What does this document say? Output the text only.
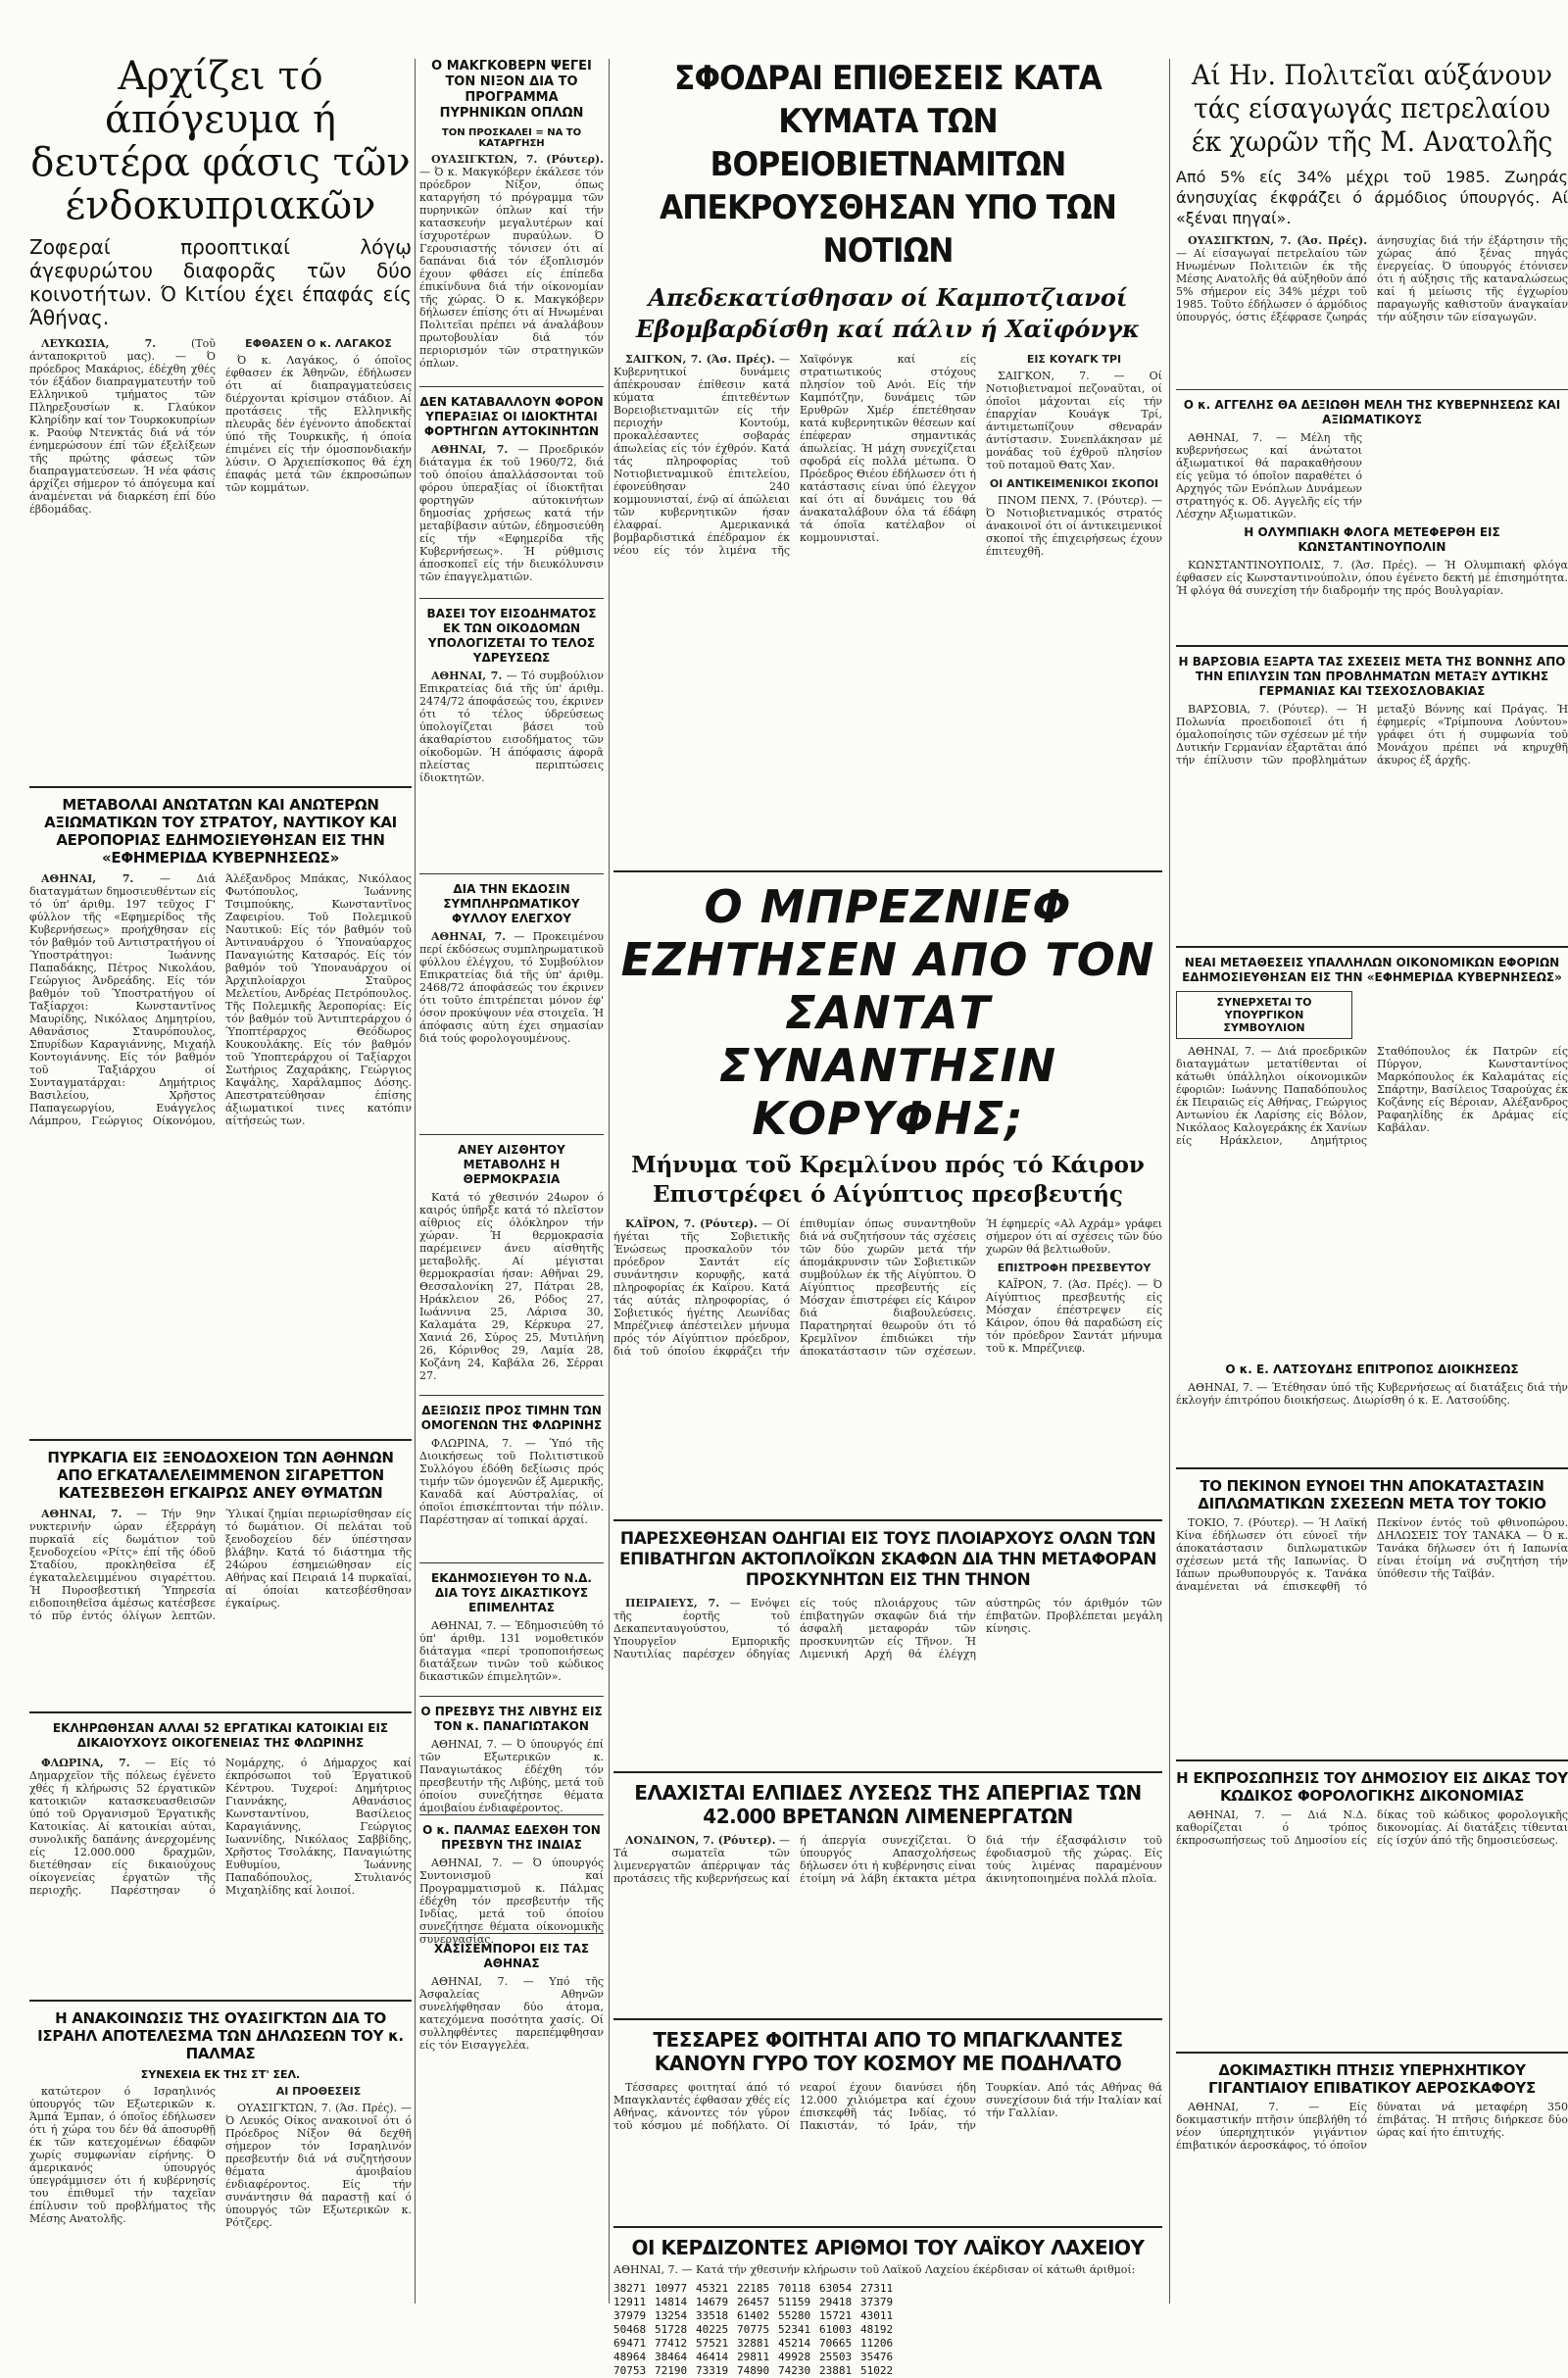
Αρχίζει τό άπόγευμα ή δευτέρα φάσις τῶν ένδοκυπριακῶν

Ζοφεραί προοπτικαί λόγῳ άγεφυρώτου διαφορᾶς τῶν δύο κοινοτήτων. Ό Κιτίου έχει έπαφάς είς Άθήνας.

ΛΕΥΚΩΣΙΑ, 7.	(Τοῦ άνταποκριτοῦ μας). — Ό πρόεδρος Μακάριος, έδέχθη χθές τόν έξάδον διαπραγματευτήν τοῦ Ελληνικοῦ τμήματος τῶν Πληρεξουσίων κ. Γλαύκον Κληρίδην καί τον Τουρκοκυπρίων κ. Ραούφ Ντενκτάς διά νά τόν ένημερώσουν έπί τῶν έξελίξεων τῆς πρώτης φάσεως τῶν διαπραγματεύσεων. Ή νέα φάσις άρχίζει σήμερον τό άπόγευμα καί άναμένεται νά διαρκέση έπί δύο έβδομάδας.

ΕΦΘΑΣΕΝ Ο κ. ΛΑΓΑΚΟΣ

Ό κ. Λαγάκος, ό όποῖος έφθασεν έκ Άθηνῶν, έδήλωσεν ότι αί διαπραγματεύσεις διέρχονται κρίσιμον στάδιον. Αί προτάσεις τῆς Ελληνικῆς πλευρᾶς δέν έγένοντο άποδεκταί ύπό τῆς Τουρκικῆς, ή όποία έπιμένει είς τήν όμοσπονδιακήν λύσιν. Ο Άρχιεπίσκοπος θά έχη έπαφάς μετά τῶν έκπροσώπων τῶν κομμάτων.

ΜΕΤΑΒΟΛΑΙ ΑΝΩΤΑΤΩΝ ΚΑΙ ΑΝΩΤΕΡΩΝ ΑΞΙΩΜΑΤΙΚΩΝ ΤΟΥ ΣΤΡΑΤΟΥ, ΝΑΥΤΙΚΟΥ ΚΑΙ ΑΕΡΟΠΟΡΙΑΣ ΕΔΗΜΟΣΙΕΥΘΗΣΑΝ ΕΙΣ ΤΗΝ «ΕΦΗΜΕΡΙΔΑ ΚΥΒΕΡΝΗΣΕΩΣ»

ΑΘΗΝΑΙ, 7. — Διά διαταγμάτων δημοσιευθέντων είς τό ύπ' άριθμ. 197 τεῦχος Γ' φύλλον τῆς «Εφημερίδος τῆς Κυβερνήσεως» προήχθησαν είς τόν βαθμόν τοῦ Αντιστρατήγου οί Ύποστράτηγοι: Ίωάννης Παπαδάκης, Πέτρος Νικολάου, Γεώργιος Άνδρεάδης. Είς τόν βαθμόν τοῦ Ύποστρατήγου οί Ταξίαρχοι: Κωνσταντῖνος Μαυρίδης, Νικόλαος Δημητρίου, Αθανάσιος Σταυρόπουλος, Σπυρίδων Καραγιάννης, Μιχαήλ Κοντογιάννης. Είς τόν βαθμόν τοῦ Ταξιάρχου οί Συνταγματάρχαι: Δημήτριος Βασιλείου, Χρῆστος Παπαγεωργίου, Ευάγγελος Λάμπρου, Γεώργιος Οίκονόμου, Άλέξανδρος Μπάκας, Νικόλαος Φωτόπουλος, Ίωάννης Τσιμπούκης, Κωνσταντῖνος Ζαφειρίου. Τοῦ Πολεμικοῦ Ναυτικοῦ: Είς τόν βαθμόν τοῦ Άντιναυάρχου ό Ύποναύαρχος Παναγιώτης Κατσαρός. Είς τόν βαθμόν τοῦ Ύποναυάρχου οί Άρχιπλοίαρχοι Σταῦρος Μελετίου, Ανδρέας Πετρόπουλος. Τῆς Πολεμικῆς Άεροπορίας: Είς τόν βαθμόν τοῦ Άντιπτεράρχου ό Ύποπτέραρχος Θεόδωρος Κουκουλάκης. Είς τόν βαθμόν τοῦ Ύποπτεράρχου οί Ταξίαρχοι Σωτήριος Ζαχαράκης, Γεώργιος Καψάλης, Χαράλαμπος Δόσης. Απεστρατεύθησαν έπίσης άξιωματικοί τινες κατόπιν αίτήσεώς των.

ΠΥΡΚΑΓΙΑ ΕΙΣ ΞΕΝΟΔΟΧΕΙΟΝ ΤΩΝ ΑΘΗΝΩΝ ΑΠΟ ΕΓΚΑΤΑΛΕΛΕΙΜΜΕΝΟΝ ΣΙΓΑΡΕΤΤΟΝ ΚΑΤΕΣΒΕΣΘΗ ΕΓΚΑΙΡΩΣ ΑΝΕΥ ΘΥΜΑΤΩΝ

ΑΘΗΝΑΙ, 7. — Τήν 9ην νυκτερινήν ώραν έξερράγη πυρκαϊά είς δωμάτιον τοῦ ξενοδοχείου «Ρίτς» έπί τῆς όδοῦ Σταδίου, προκληθεῖσα έξ έγκαταλελειμμένου σιγαρέττου. Ή Πυροσβεστική Ύπηρεσία ειδοποιηθεῖσα άμέσως κατέσβεσε τό πῦρ έντός όλίγων λεπτῶν. Ύλικαί ζημίαι περιωρίσθησαν είς τό δωμάτιον. Οί πελάται τοῦ ξενοδοχείου δέν ύπέστησαν βλάβην. Κατά τό διάστημα τῆς 24ώρου έσημειώθησαν είς Αθήνας καί Πειραιά 14 πυρκαϊαί, αί όποίαι κατεσβέσθησαν έγκαίρως.

ΕΚΛΗΡΩΘΗΣΑΝ ΑΛΛΑΙ 52 ΕΡΓΑΤΙΚΑΙ ΚΑΤΟΙΚΙΑΙ ΕΙΣ ΔΙΚΑΙΟΥΧΟΥΣ ΟΙΚΟΓΕΝΕΙΑΣ ΤΗΣ ΦΛΩΡΙΝΗΣ

ΦΛΩΡΙΝΑ, 7. — Είς τό Δημαρχεῖον τῆς πόλεως έγένετο χθές ή κλήρωσις 52 έργατικῶν κατοικιῶν κατασκευασθεισῶν ύπό τοῦ Οργανισμοῦ Έργατικῆς Κατοικίας. Αί κατοικίαι αύται, συνολικῆς δαπάνης άνερχομένης είς 12.000.000 δραχμῶν, διετέθησαν είς δικαιούχους οίκογενείας έργατῶν τῆς περιοχῆς. Παρέστησαν ό Νομάρχης, ό Δήμαρχος καί έκπρόσωποι τοῦ Έργατικοῦ Κέντρου. Τυχεροί: Δημήτριος Γιαννάκης, Αθανάσιος Κωνσταντίνου, Βασίλειος Καραγιάννης, Γεώργιος Ιωαννίδης, Νικόλαος Σαββίδης, Χρῆστος Τσολάκης, Παναγιώτης Ευθυμίου, Ίωάννης Παπαδόπουλος, Στυλιανός Μιχαηλίδης καί λοιποί.

Η ΑΝΑΚΟΙΝΩΣΙΣ ΤΗΣ ΟΥΑΣΙΓΚΤΩΝ ΔΙΑ ΤΟ ΙΣΡΑΗΛ ΑΠΟΤΕΛΕΣΜΑ ΤΩΝ ΔΗΛΩΣΕΩΝ ΤΟΥ κ. ΠΑΛΜΑΣ
ΣΥΝΕΧΕΙΑ ΕΚ ΤΗΣ ΣΤ' ΣΕΛ.

κατώτερον ό Ισραηλινός ύπουργός τῶν Εξωτερικῶν κ. Άμπά Έμπαν, ό όποῖος έδήλωσεν ότι ή χώρα του δέν θά άποσυρθῇ έκ τῶν κατεχομένων έδαφῶν χωρίς συμφωνίαν είρήνης. Ό άμερικανός ύπουργός ύπεγράμμισεν ότι ή κυβέρνησίς του έπιθυμεῖ τήν ταχεῖαν έπίλυσιν τοῦ προβλήματος τῆς Μέσης Ανατολῆς.

ΑΙ ΠΡΟΘΕΣΕΙΣ

ΟΥΑΣΙΓΚΤΩΝ, 7. (Άσ. Πρές). — Ό Λευκός Οίκος ανακοινοῖ ότι ό Πρόεδρος Νίξον θά δεχθῆ σήμερον τόν Ισραηλινόν πρεσβευτήν διά νά συζητήσουν θέματα άμοιβαίου ένδιαφέροντος. Είς τήν συνάντησιν θά παραστῇ καί ό ύπουργός τῶν Εξωτερικῶν κ. Ρότζερς.

Ο ΜΑΚΓΚΟΒΕΡΝ ΨΕΓΕΙ ΤΟΝ ΝΙΞΟΝ ΔΙΑ ΤΟ ΠΡΟΓΡΑΜΜΑ ΠΥΡΗΝΙΚΩΝ ΟΠΛΩΝ
ΤΟΝ ΠΡΟΣΚΑΛΕΙ = ΝΑ ΤΟ ΚΑΤΑΡΓΗΣΗ

ΟΥΑΣΙΓΚΤΩΝ, 7. (Ρόυτερ). — Ό κ. Μακγκόβερν έκάλεσε τόν πρόεδρον Νίξον, όπως καταργήση τό πρόγραμμα τῶν πυρηνικῶν όπλων καί τήν κατασκευήν μεγαλυτέρων καί ίσχυροτέρων πυραύλων. Ό Γερουσιαστής τόνισεν ότι αί δαπάναι διά τόν έξοπλισμόν έχουν φθάσει είς έπίπεδα έπικίνδυνα διά τήν οίκονομίαν τῆς χώρας. Ό κ. Μακγκόβερν δήλωσεν έπίσης ότι αί Ηνωμέναι Πολιτεῖαι πρέπει νά άναλάβουν πρωτοβουλίαν διά τόν περιορισμόν τῶν στρατηγικῶν όπλων.

ΔΕΝ ΚΑΤΑΒΑΛΛΟΥΝ ΦΟΡΟΝ ΥΠΕΡΑΞΙΑΣ ΟΙ ΙΔΙΟΚΤΗΤΑΙ ΦΟΡΤΗΓΩΝ ΑΥΤΟΚΙΝΗΤΩΝ

ΑΘΗΝΑΙ, 7. — Προεδρικόν διάταγμα έκ τοῦ 1960/72, διά τοῦ όποίου άπαλλάσσονται τοῦ φόρου ύπεραξίας οί ίδιοκτῆται φορτηγῶν αύτοκινήτων δημοσίας χρήσεως κατά τήν μεταβίβασιν αύτῶν, έδημοσιεύθη είς τήν «Εφημερίδα τῆς Κυβερνήσεως». Ή ρύθμισις άποσκοπεῖ είς τήν διευκόλυνσιν τῶν έπαγγελματιῶν.

ΒΑΣΕΙ ΤΟΥ ΕΙΣΟΔΗΜΑΤΟΣ ΕΚ ΤΩΝ ΟΙΚΟΔΟΜΩΝ ΥΠΟΛΟΓΙΖΕΤΑΙ ΤΟ ΤΕΛΟΣ ΥΔΡΕΥΣΕΩΣ

ΑΘΗΝΑΙ, 7. — Τό συμβούλιον Επικρατείας διά τῆς ύπ' άριθμ. 2474/72 άποφάσεώς του, έκρινεν ότι τό τέλος ύδρεύσεως ύπολογίζεται βάσει τοῦ άκαθαρίστου εισοδήματος τῶν οίκοδομῶν. Ή άπόφασις άφορᾶ πλείστας περιπτώσεις ίδιοκτητῶν.

ΔΙΑ ΤΗΝ ΕΚΔΟΣΙΝ ΣΥΜΠΛΗΡΩΜΑΤΙΚΟΥ ΦΥΛΛΟΥ ΕΛΕΓΧΟΥ

ΑΘΗΝΑΙ, 7. — Προκειμένου περί έκδόσεως συμπληρωματικοῦ φύλλου έλέγχου, τό Συμβούλιον Επικρατείας διά τῆς ύπ' άριθμ. 2468/72 άποφάσεώς του έκρινεν ότι τοῦτο έπιτρέπεται μόνον έφ' όσον προκύψουν νέα στοιχεῖα. Ή άπόφασις αύτη έχει σημασίαν διά τούς φορολογουμένους.

ΑΝΕΥ ΑΙΣΘΗΤΟΥ ΜΕΤΑΒΟΛΗΣ Η ΘΕΡΜΟΚΡΑΣΙΑ

Κατά τό χθεσινόν 24ωρον ό καιρός ύπῆρξε κατά τό πλεῖστον αίθριος είς όλόκληρον τήν χώραν. Ή θερμοκρασία παρέμεινεν άνευ αίσθητῆς μεταβολῆς. Αί μέγισται θερμοκρασίαι ήσαν: Αθῆναι 29, Θεσσαλονίκη 27, Πάτραι 28, Ηράκλειον 26, Ρόδος 27, Ιωάννινα 25, Λάρισα 30, Καλαμάτα 29, Κέρκυρα 27, Χανιά 26, Σύρος 25, Μυτιλήνη 26, Κόρινθος 29, Λαμία 28, Κοζάνη 24, Καβάλα 26, Σέρραι 27.

ΔΕΞΙΩΣΙΣ ΠΡΟΣ ΤΙΜΗΝ ΤΩΝ ΟΜΟΓΕΝΩΝ ΤΗΣ ΦΛΩΡΙΝΗΣ

ΦΛΩΡΙΝΑ, 7. — Ύπό τῆς Διοικήσεως τοῦ Πολιτιστικοῦ Συλλόγου έδόθη δεξίωσις πρός τιμήν τῶν όμογενῶν έξ Αμερικῆς, Καναδᾶ καί Αύστραλίας, οί όποῖοι έπισκέπτονται τήν πόλιν. Παρέστησαν αί τοπικαί άρχαί.

ΕΚΔΗΜΟΣΙΕΥΘΗ ΤΟ Ν.Δ. ΔΙΑ ΤΟΥΣ ΔΙΚΑΣΤΙΚΟΥΣ ΕΠΙΜΕΛΗΤΑΣ

ΑΘΗΝΑΙ, 7. — Έδημοσιεύθη τό ύπ' άριθμ. 131 νομοθετικόν διάταγμα «περί τροποποιήσεως διατάξεων τινῶν τοῦ κώδικος δικαστικῶν έπιμελητῶν».

Ο ΠΡΕΣΒΥΣ ΤΗΣ ΛΙΒΥΗΣ ΕΙΣ ΤΟΝ κ. ΠΑΝΑΓΙΩΤΑΚΟΝ

ΑΘΗΝΑΙ, 7. — Ό ύπουργός έπί τῶν Εξωτερικῶν κ. Παναγιωτάκος έδέχθη τόν πρεσβευτήν τῆς Λιβύης, μετά τοῦ όποίου συνεζήτησε θέματα άμοιβαίου ένδιαφέροντος.

Ο κ. ΠΑΛΜΑΣ ΕΔΕΧΘΗ ΤΟΝ ΠΡΕΣΒΥΝ ΤΗΣ ΙΝΔΙΑΣ

ΑΘΗΝΑΙ, 7. — Ό ύπουργός Συντονισμοῦ καί Προγραμματισμοῦ κ. Πάλμας έδέχθη τόν πρεσβευτήν τῆς Ινδίας, μετά τοῦ όποίου συνεζήτησε θέματα οίκονομικῆς συνεργασίας.

ΧΑΣΙΣΕΜΠΟΡΟΙ ΕΙΣ ΤΑΣ ΑΘΗΝΑΣ

ΑΘΗΝΑΙ, 7. — Υπό τῆς Άσφαλείας Αθηνῶν συνελήφθησαν δύο άτομα, κατεχόμενα ποσότητα χασίς. Οί συλληφθέντες παρεπέμφθησαν είς τόν Εισαγγελέα.

ΣΦΟΔΡΑΙ ΕΠΙΘΕΣΕΙΣ ΚΑΤΑ ΚΥΜΑΤΑ ΤΩΝ ΒΟΡΕΙΟΒΙΕΤΝΑΜΙΤΩΝ ΑΠΕΚΡΟΥΣΘΗΣΑΝ ΥΠΟ ΤΩΝ ΝΟΤΙΩΝ
Απεδεκατίσθησαν οί Καμποτζιανοί Εβομβαρδίσθη καί πάλιν ή Χαϊφόνγκ

ΣΑΙΓΚΟΝ, 7. (Άσ. Πρές). — Κυβερνητικοί δυνάμεις άπέκρουσαν έπίθεσιν κατά κύματα έπιτεθέντων Βορειοβιετναμιτῶν είς τήν περιοχήν Κοντούμ, προκαλέσαντες σοβαράς άπωλείας είς τόν έχθρόν. Κατά τάς πληροφορίας τοῦ Νοτιοβιετναμικοῦ έπιτελείου, έφονεύθησαν 240 κομμουνισταί, ένῷ αί άπώλειαι τῶν κυβερνητικῶν ήσαν έλαφραί. Αμερικανικά βομβαρδιστικά έπέδραμον έκ νέου είς τόν λιμένα τῆς Χαϊφόνγκ καί είς στρατιωτικούς στόχους πλησίον τοῦ Ανόι. Είς τήν Καμπότζην, δυνάμεις τῶν Ερυθρῶν Χμέρ έπετέθησαν κατά κυβερνητικῶν θέσεων καί έπέφεραν σημαντικάς άπωλείας. Ή μάχη συνεχίζεται σφοδρά είς πολλά μέτωπα. Ό Πρόεδρος Θιέου έδήλωσεν ότι ή κατάστασις είναι ύπό έλεγχον καί ότι αί δυνάμεις του θά άνακαταλάβουν όλα τά έδάφη τά όποῖα κατέλαβον οί κομμουνισταί.

ΕΙΣ ΚΟΥΑΓΚ ΤΡΙ

ΣΑΙΓΚΟΝ, 7. — Οί Νοτιοβιετναμοί πεζοναῦται, οί όποῖοι μάχονται είς τήν έπαρχίαν Κουάγκ Τρί, άντιμετωπίζουν σθεναράν άντίστασιν. Συνεπλάκησαν μέ μονάδας τοῦ έχθροῦ πλησίον τοῦ ποταμοῦ Θατς Χαν.

ΟΙ ΑΝΤΙΚΕΙΜΕΝΙΚΟΙ ΣΚΟΠΟΙ

ΠΝΟΜ ΠΕΝΧ, 7. (Ρόυτερ). — Ό Νοτιοβιετναμικός στρατός άνακοινοῖ ότι οί άντικειμενικοί σκοποί τῆς έπιχειρήσεως έχουν έπιτευχθῆ.

Ο ΜΠΡΕΖΝΙΕΦ ΕΖΗΤΗΣΕΝ ΑΠΟ ΤΟΝ ΣΑΝΤΑΤ ΣΥΝΑΝΤΗΣΙΝ ΚΟΡΥΦΗΣ;
Μήνυμα τοῦ Κρεμλίνου πρός τό Κάιρον Επιστρέφει ό Αίγύπτιος πρεσβευτής

ΚΑΪΡΟΝ, 7. (Ρόυτερ). — Οί ήγέται τῆς Σοβιετικῆς Ένώσεως προσκαλοῦν τόν πρόεδρον Σαντάτ είς συνάντησιν κορυφῆς, κατά πληροφορίας έκ Καΐρου. Κατά τάς αύτάς πληροφορίας, ό Σοβιετικός ήγέτης Λεωνίδας Μπρέζνιεφ άπέστειλεν μήνυμα πρός τόν Αίγύπτιον πρόεδρον, διά τοῦ όποίου έκφράζει τήν έπιθυμίαν όπως συναντηθοῦν διά νά συζητήσουν τάς σχέσεις τῶν δύο χωρῶν μετά τήν άπομάκρυνσιν τῶν Σοβιετικῶν συμβούλων έκ τῆς Αίγύπτου. Ό Αίγύπτιος πρεσβευτής είς Μόσχαν έπιστρέφει είς Κάιρον διά διαβουλεύσεις. Παρατηρηταί θεωροῦν ότι τό Κρεμλῖνον έπιδιώκει τήν άποκατάστασιν τῶν σχέσεων. Ή έφημερίς «Αλ Αχράμ» γράφει σήμερον ότι αί σχέσεις τῶν δύο χωρῶν θά βελτιωθοῦν.

ΕΠΙΣΤΡΟΦΗ ΠΡΕΣΒΕΥΤΟΥ

ΚΑΪΡΟΝ, 7. (Άσ. Πρές). — Ό Αίγύπτιος πρεσβευτής είς Μόσχαν έπέστρεψεν είς Κάιρον, όπου θά παραδώση είς τόν πρόεδρον Σαντάτ μήνυμα τοῦ κ. Μπρέζνιεφ.

ΠΑΡΕΣΧΕΘΗΣΑΝ ΟΔΗΓΙΑΙ ΕΙΣ ΤΟΥΣ ΠΛΟΙΑΡΧΟΥΣ ΟΛΩΝ ΤΩΝ ΕΠΙΒΑΤΗΓΩΝ ΑΚΤΟΠΛΟΪΚΩΝ ΣΚΑΦΩΝ ΔΙΑ ΤΗΝ ΜΕΤΑΦΟΡΑΝ ΠΡΟΣΚΥΝΗΤΩΝ ΕΙΣ ΤΗΝ ΤΗΝΟΝ

ΠΕΙΡΑΙΕΥΣ, 7. — Ενόψει τῆς έορτῆς τοῦ Δεκαπενταυγούστου, τό Υπουργεῖον Εμπορικῆς Ναυτιλίας παρέσχεν όδηγίας είς τούς πλοιάρχους τῶν έπιβατηγῶν σκαφῶν διά τήν άσφαλῆ μεταφοράν τῶν προσκυνητῶν είς Τῆνον. Ή Λιμενική Αρχή θά έλέγχη αύστηρῶς τόν άριθμόν τῶν έπιβατῶν. Προβλέπεται μεγάλη κίνησις.

ΕΛΑΧΙΣΤΑΙ ΕΛΠΙΔΕΣ ΛΥΣΕΩΣ ΤΗΣ ΑΠΕΡΓΙΑΣ ΤΩΝ 42.000 ΒΡΕΤΑΝΩΝ ΛΙΜΕΝΕΡΓΑΤΩΝ

ΛΟΝΔΙΝΟΝ, 7. (Ρόυτερ). — Τά σωματεῖα τῶν λιμενεργατῶν άπέρριψαν τάς προτάσεις τῆς κυβερνήσεως καί ή άπεργία συνεχίζεται. Ό ύπουργός Απασχολήσεως δήλωσεν ότι ή κυβέρνησις είναι έτοίμη νά λάβη έκτακτα μέτρα διά τήν έξασφάλισιν τοῦ έφοδιασμοῦ τῆς χώρας. Είς τούς λιμένας παραμένουν άκινητοποιημένα πολλά πλοῖα.

ΤΕΣΣΑΡΕΣ ΦΟΙΤΗΤΑΙ ΑΠΟ ΤΟ ΜΠΑΓΚΛΑΝΤΕΣ ΚΑΝΟΥΝ ΓΥΡΟ ΤΟΥ ΚΟΣΜΟΥ ΜΕ ΠΟΔΗΛΑΤΟ

Τέσσαρες φοιτηταί άπό τό Μπαγκλαντές έφθασαν χθές είς Αθήνας, κάνοντες τόν γῦρον τοῦ κόσμου μέ ποδήλατο. Οί νεαροί έχουν διανύσει ήδη 12.000 χιλιόμετρα καί έχουν έπισκεφθῆ τάς Ινδίας, τό Πακιστάν, τό Ιράν, τήν Τουρκίαν. Από τάς Αθήνας θά συνεχίσουν διά τήν Ιταλίαν καί τήν Γαλλίαν.

ΟΙ ΚΕΡΔΙΖΟΝΤΕΣ ΑΡΙΘΜΟΙ ΤΟΥ ΛΑΪΚΟΥ ΛΑΧΕΙΟΥ
ΑΘΗΝΑΙ, 7. — Κατά τήν χθεσινήν κλήρωσιν τοῦ Λαϊκοῦ Λαχείου έκέρδισαν οί κάτωθι άριθμοί:
38271 10977 45321 22185 70118 63054 27311
12911 14814 14679 26457 51159 29418 37379
37979 13254 33518 61402 55280 15721 43011
50468 51728 40225 70775 52341 61003 48192
69471 77412 57521 32881 45214 70665 11206
48964 38464 46414 29811 49928 25503 35476
70753 72190 73319 74890 74230 23881 51022
Αί Ην. Πολιτεῖαι αύξάνουν τάς είσαγωγάς πετρελαίου έκ χωρῶν τῆς Μ. Ανατολῆς

Από 5% είς 34% μέχρι τοῦ 1985. Ζωηράς άνησυχίας έκφράζει ό άρμόδιος ύπουργός. Αί «ξέναι πηγαί».

ΟΥΑΣΙΓΚΤΩΝ, 7. (Άσ. Πρές). — Αί είσαγωγαί πετρελαίου τῶν Ηνωμένων Πολιτειῶν έκ τῆς Μέσης Ανατολῆς θά αύξηθοῦν άπό 5% σήμερον είς 34% μέχρι τοῦ 1985. Τοῦτο έδήλωσεν ό άρμόδιος ύπουργός, όστις έξέφρασε ζωηράς άνησυχίας διά τήν έξάρτησιν τῆς χώρας άπό ξένας πηγάς ένεργείας. Ό ύπουργός έτόνισεν ότι ή αύξησις τῆς καταναλώσεως καί ή μείωσις τῆς έγχωρίου παραγωγῆς καθιστοῦν άναγκαίαν τήν αύξησιν τῶν είσαγωγῶν.

Ο κ. ΑΓΓΕΛΗΣ ΘΑ ΔΕΞΙΩΘΗ ΜΕΛΗ ΤΗΣ ΚΥΒΕΡΝΗΣΕΩΣ ΚΑΙ ΑΞΙΩΜΑΤΙΚΟΥΣ

ΑΘΗΝΑΙ, 7. — Μέλη τῆς κυβερνήσεως καί άνώτατοι άξιωματικοί θά παρακαθήσουν είς γεῦμα τό όποῖον παραθέτει ό Αρχηγός τῶν Ενόπλων Δυνάμεων στρατηγός κ. Οδ. Αγγελῆς είς τήν Λέσχην Αξιωματικῶν.

Η ΟΛΥΜΠΙΑΚΗ ΦΛΟΓΑ ΜΕΤΕΦΕΡΘΗ ΕΙΣ ΚΩΝΣΤΑΝΤΙΝΟΥΠΟΛΙΝ

ΚΩΝΣΤΑΝΤΙΝΟΥΠΟΛΙΣ, 7. (Άσ. Πρές). — Ή Ολυμπιακή φλόγα έφθασεν είς Κωνσταντινούπολιν, όπου έγένετο δεκτή μέ έπισημότητα. Ή φλόγα θά συνεχίση τήν διαδρομήν της πρός Βουλγαρίαν.

Η ΒΑΡΣΟΒΙΑ ΕΞΑΡΤΑ ΤΑΣ ΣΧΕΣΕΙΣ ΜΕΤΑ ΤΗΣ ΒΟΝΝΗΣ ΑΠΟ ΤΗΝ ΕΠΙΛΥΣΙΝ ΤΩΝ ΠΡΟΒΛΗΜΑΤΩΝ ΜΕΤΑΞΥ ΔΥΤΙΚΗΣ ΓΕΡΜΑΝΙΑΣ ΚΑΙ ΤΣΕΧΟΣΛΟΒΑΚΙΑΣ

ΒΑΡΣΟΒΙΑ, 7. (Ρόυτερ). — Ή Πολωνία προειδοποιεῖ ότι ή όμαλοποίησις τῶν σχέσεων μέ τήν Δυτικήν Γερμανίαν έξαρτᾶται άπό τήν έπίλυσιν τῶν προβλημάτων μεταξύ Βόννης καί Πράγας. Ή έφημερίς «Τρίμπουνα Λούντου» γράφει ότι ή συμφωνία τοῦ Μονάχου πρέπει νά κηρυχθῆ άκυρος έξ άρχῆς.

ΝΕΑΙ ΜΕΤΑΘΕΣΕΙΣ ΥΠΑΛΛΗΛΩΝ ΟΙΚΟΝΟΜΙΚΩΝ ΕΦΟΡΙΩΝ ΕΔΗΜΟΣΙΕΥΘΗΣΑΝ ΕΙΣ ΤΗΝ «ΕΦΗΜΕΡΙΔΑ ΚΥΒΕΡΝΗΣΕΩΣ»
ΣΥΝΕΡΧΕΤΑΙ ΤΟ ΥΠΟΥΡΓΙΚΟΝ ΣΥΜΒΟΥΛΙΟΝ

ΑΘΗΝΑΙ, 7. — Διά προεδρικῶν διαταγμάτων μετατίθενται οί κάτωθι ύπάλληλοι οίκονομικῶν έφοριῶν: Ιωάννης Παπαδόπουλος έκ Πειραιῶς είς Αθήνας, Γεώργιος Αντωνίου έκ Λαρίσης είς Βόλον, Νικόλαος Καλογεράκης έκ Χανίων είς Ηράκλειον, Δημήτριος Σταθόπουλος έκ Πατρῶν είς Πύργον, Κωνσταντίνος Μαρκόπουλος έκ Καλαμάτας είς Σπάρτην, Βασίλειος Τσαρούχας έκ Κοζάνης είς Βέροιαν, Αλέξανδρος Ραφαηλίδης έκ Δράμας είς Καβάλαν.

Ο κ. Ε. ΛΑΤΣΟΥΔΗΣ ΕΠΙΤΡΟΠΟΣ ΔΙΟΙΚΗΣΕΩΣ

ΑΘΗΝΑΙ, 7. — Έτέθησαν ύπό τῆς Κυβερνήσεως αί διατάξεις διά τήν έκλογήν έπιτρόπου διοικήσεως. Διωρίσθη ό κ. Ε. Λατσούδης.

ΤΟ ΠΕΚΙΝΟΝ ΕΥΝΟΕΙ ΤΗΝ ΑΠΟΚΑΤΑΣΤΑΣΙΝ ΔΙΠΛΩΜΑΤΙΚΩΝ ΣΧΕΣΕΩΝ ΜΕΤΑ ΤΟΥ ΤΟΚΙΟ

ΤΟΚΙΟ, 7. (Ρόυτερ). — Ή Λαϊκή Κίνα έδήλωσεν ότι εύνοεῖ τήν άποκατάστασιν διπλωματικῶν σχέσεων μετά τῆς Ιαπωνίας. Ό Ιάπων πρωθυπουργός κ. Τανάκα άναμένεται νά έπισκεφθῆ τό Πεκίνον έντός τοῦ φθινοπώρου. ΔΗΛΩΣΕΙΣ ΤΟΥ ΤΑΝΑΚΑ — Ό κ. Τανάκα δήλωσεν ότι ή Ιαπωνία είναι έτοίμη νά συζητήση τήν ύπόθεσιν τῆς Ταϊβάν.

Η ΕΚΠΡΟΣΩΠΗΣΙΣ ΤΟΥ ΔΗΜΟΣΙΟΥ ΕΙΣ ΔΙΚΑΣ ΤΟΥ ΚΩΔΙΚΟΣ ΦΟΡΟΛΟΓΙΚΗΣ ΔΙΚΟΝΟΜΙΑΣ

ΑΘΗΝΑΙ, 7. — Διά Ν.Δ. καθορίζεται ό τρόπος έκπροσωπήσεως τοῦ Δημοσίου είς δίκας τοῦ κώδικος φορολογικῆς δικονομίας. Αί διατάξεις τίθενται είς ίσχύν άπό τῆς δημοσιεύσεως.

ΔΟΚΙΜΑΣΤΙΚΗ ΠΤΗΣΙΣ ΥΠΕΡΗΧΗΤΙΚΟΥ ΓΙΓΑΝΤΙΑΙΟΥ ΕΠΙΒΑΤΙΚΟΥ ΑΕΡΟΣΚΑΦΟΥΣ

ΑΘΗΝΑΙ, 7. — Είς δοκιμαστικήν πτῆσιν ύπεβλήθη τό νέον ύπερηχητικόν γιγάντιον έπιβατικόν άεροσκάφος, τό όποῖον δύναται νά μεταφέρη 350 έπιβάτας. Ή πτῆσις διήρκεσε δύο ώρας καί ήτο έπιτυχής.
